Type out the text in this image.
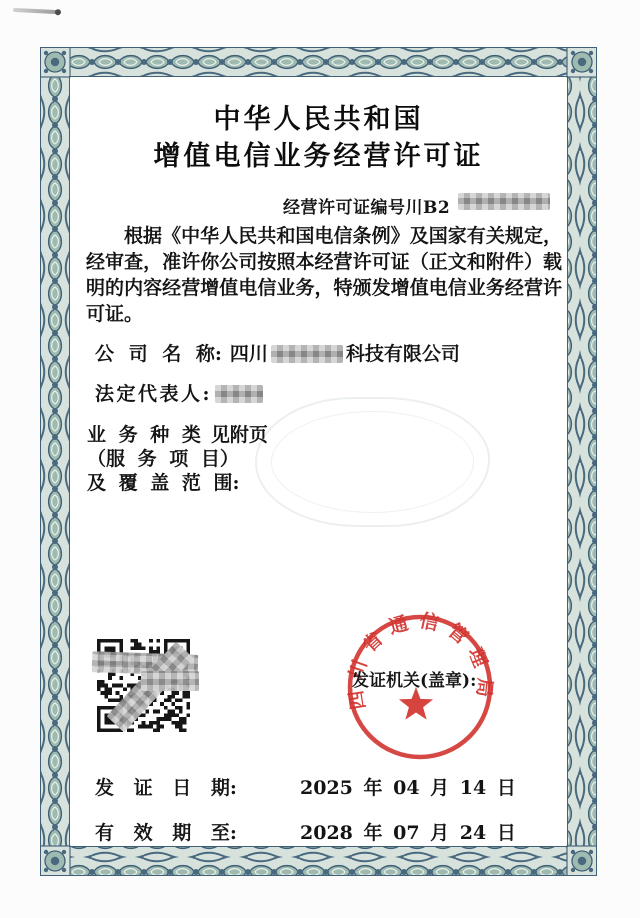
中华人民共和国
增值电信业务经营许可证
经营许可证编号川B2

根据《中华人民共和国电信条例》及国家有关规定，经审查，准许你公司按照本经营许可证（正文和附件）载明的内容经营增值电信业务，特颁发增值电信业务经营许可证。

公 司 名 称: 四川	科技有限公司
法定代表人:
业 务 种 类 见附页
（服 务 项 目）
及 覆 盖 范 围:
四川省通信管理局
发证机关(盖章):
发 证 日 期:	2025 年 04 月 14 日
有 效 期 至:	2028 年 07 月 24 日
